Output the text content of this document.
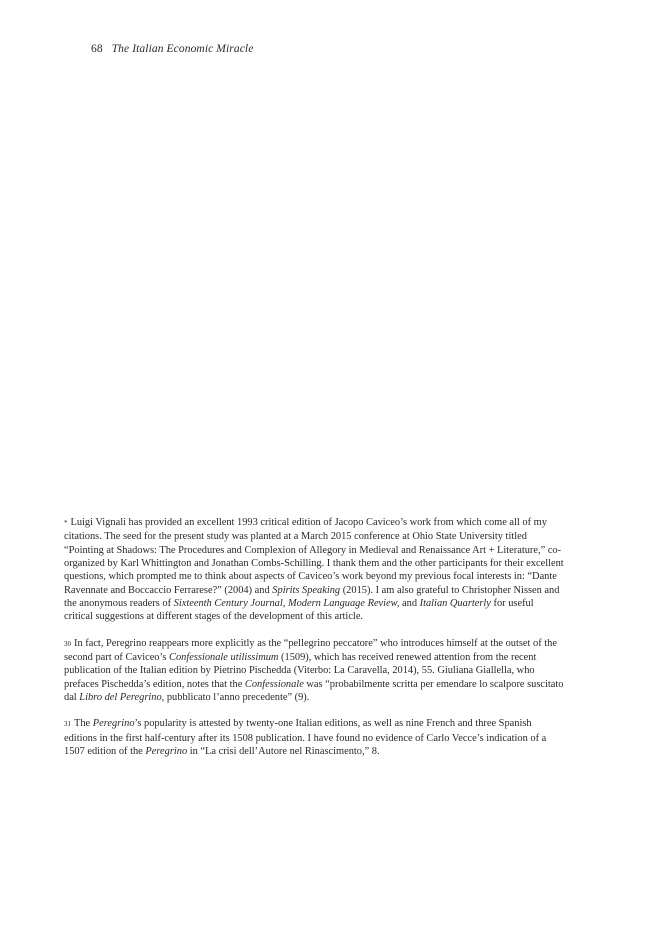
68 The Italian Economic Miracle

* Luigi Vignali has provided an excellent 1993 critical edition of Jacopo Caviceo’s work from which come all of my citations. The seed for the present study was planted at a March 2015 conference at Ohio State University titled “Pointing at Shadows: The Procedures and Complexion of Allegory in Medieval and Renaissance Art + Literature,” co-organized by Karl Whittington and Jonathan Combs-Schilling. I thank them and the other participants for their excellent questions, which prompted me to think about aspects of Caviceo’s work beyond my previous focal interests in: “Dante Ravennate and Boccaccio Ferrarese?” (2004) and Spirits Speaking (2015). I am also grateful to Christopher Nissen and the anonymous readers of Sixteenth Century Journal, Modern Language Review, and Italian Quarterly for useful critical suggestions at different stages of the development of this article.

30 In fact, Peregrino reappears more explicitly as the “pellegrino peccatore” who introduces himself at the outset of the second part of Caviceo’s Confessionale utilissimum (1509), which has received renewed attention from the recent publication of the Italian edition by Pietrino Pischedda (Viterbo: La Caravella, 2014), 55. Giuliana Giallella, who prefaces Pischedda’s edition, notes that the Confessionale was “probabilmente scritta per emendare lo scalpore suscitato dal Libro del Peregrino, pubblicato l’anno precedente” (9).

31 The Peregrino’s popularity is attested by twenty-one Italian editions, as well as nine French and three Spanish editions in the first half-century after its 1508 publication. I have found no evidence of Carlo Vecce’s indication of a 1507 edition of the Peregrino in “La crisi dell’Autore nel Rinascimento,” 8.
